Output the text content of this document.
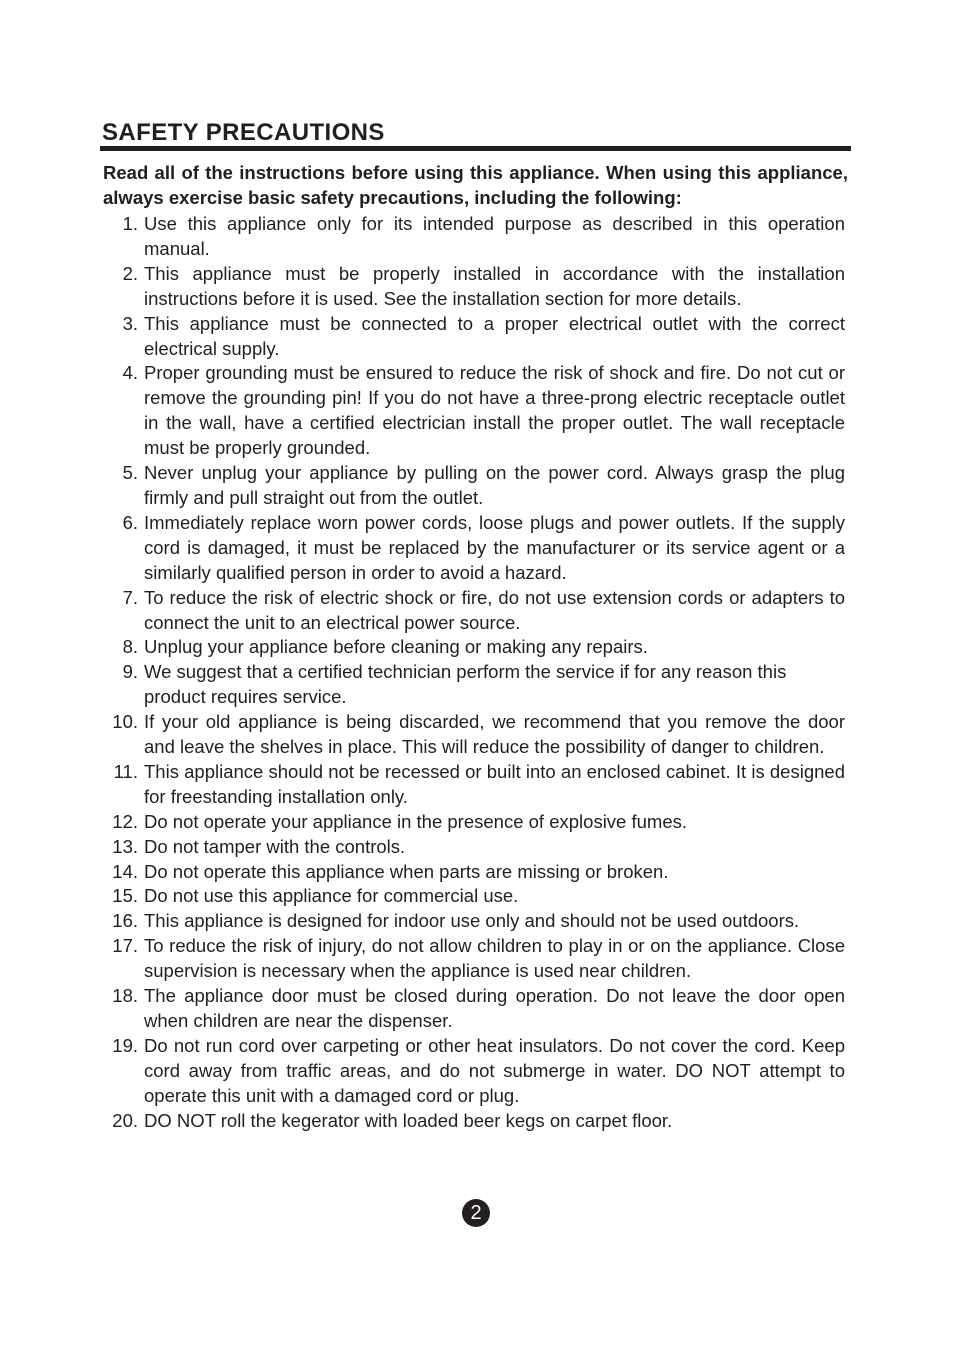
SAFETY PRECAUTIONS

Read all of the instructions before using this appliance. When using this appliance, always exercise basic safety precautions, including the following:

1. Use this appliance only for its intended purpose as described in this operation manual.
2. This appliance must be properly installed in accordance with the installation instructions before it is used. See the installation section for more details.
3. This appliance must be connected to a proper electrical outlet with the correct electrical supply.
4. Proper grounding must be ensured to reduce the risk of shock and fire. Do not cut or remove the grounding pin! If you do not have a three-prong electric receptacle outlet in the wall, have a certified electrician install the proper outlet. The wall receptacle must be properly grounded.
5. Never unplug your appliance by pulling on the power cord. Always grasp the plug firmly and pull straight out from the outlet.
6. Immediately replace worn power cords, loose plugs and power outlets. If the supply cord is damaged, it must be replaced by the manufacturer or its service agent or a similarly qualified person in order to avoid a hazard.
7. To reduce the risk of electric shock or fire, do not use extension cords or adapters to connect the unit to an electrical power source.
8. Unplug your appliance before cleaning or making any repairs.
9. We suggest that a certified technician perform the service if for any reason this product requires service.
10. If your old appliance is being discarded, we recommend that you remove the door and leave the shelves in place. This will reduce the possibility of danger to children.
11. This appliance should not be recessed or built into an enclosed cabinet. It is designed for freestanding installation only.
12. Do not operate your appliance in the presence of explosive fumes.
13. Do not tamper with the controls.
14. Do not operate this appliance when parts are missing or broken.
15. Do not use this appliance for commercial use.
16. This appliance is designed for indoor use only and should not be used outdoors.
17. To reduce the risk of injury, do not allow children to play in or on the appliance. Close supervision is necessary when the appliance is used near children.
18. The appliance door must be closed during operation. Do not leave the door open when children are near the dispenser.
19. Do not run cord over carpeting or other heat insulators. Do not cover the cord. Keep cord away from traffic areas, and do not submerge in water. DO NOT attempt to operate this unit with a damaged cord or plug.
20. DO NOT roll the kegerator with loaded beer kegs on carpet floor.
2
